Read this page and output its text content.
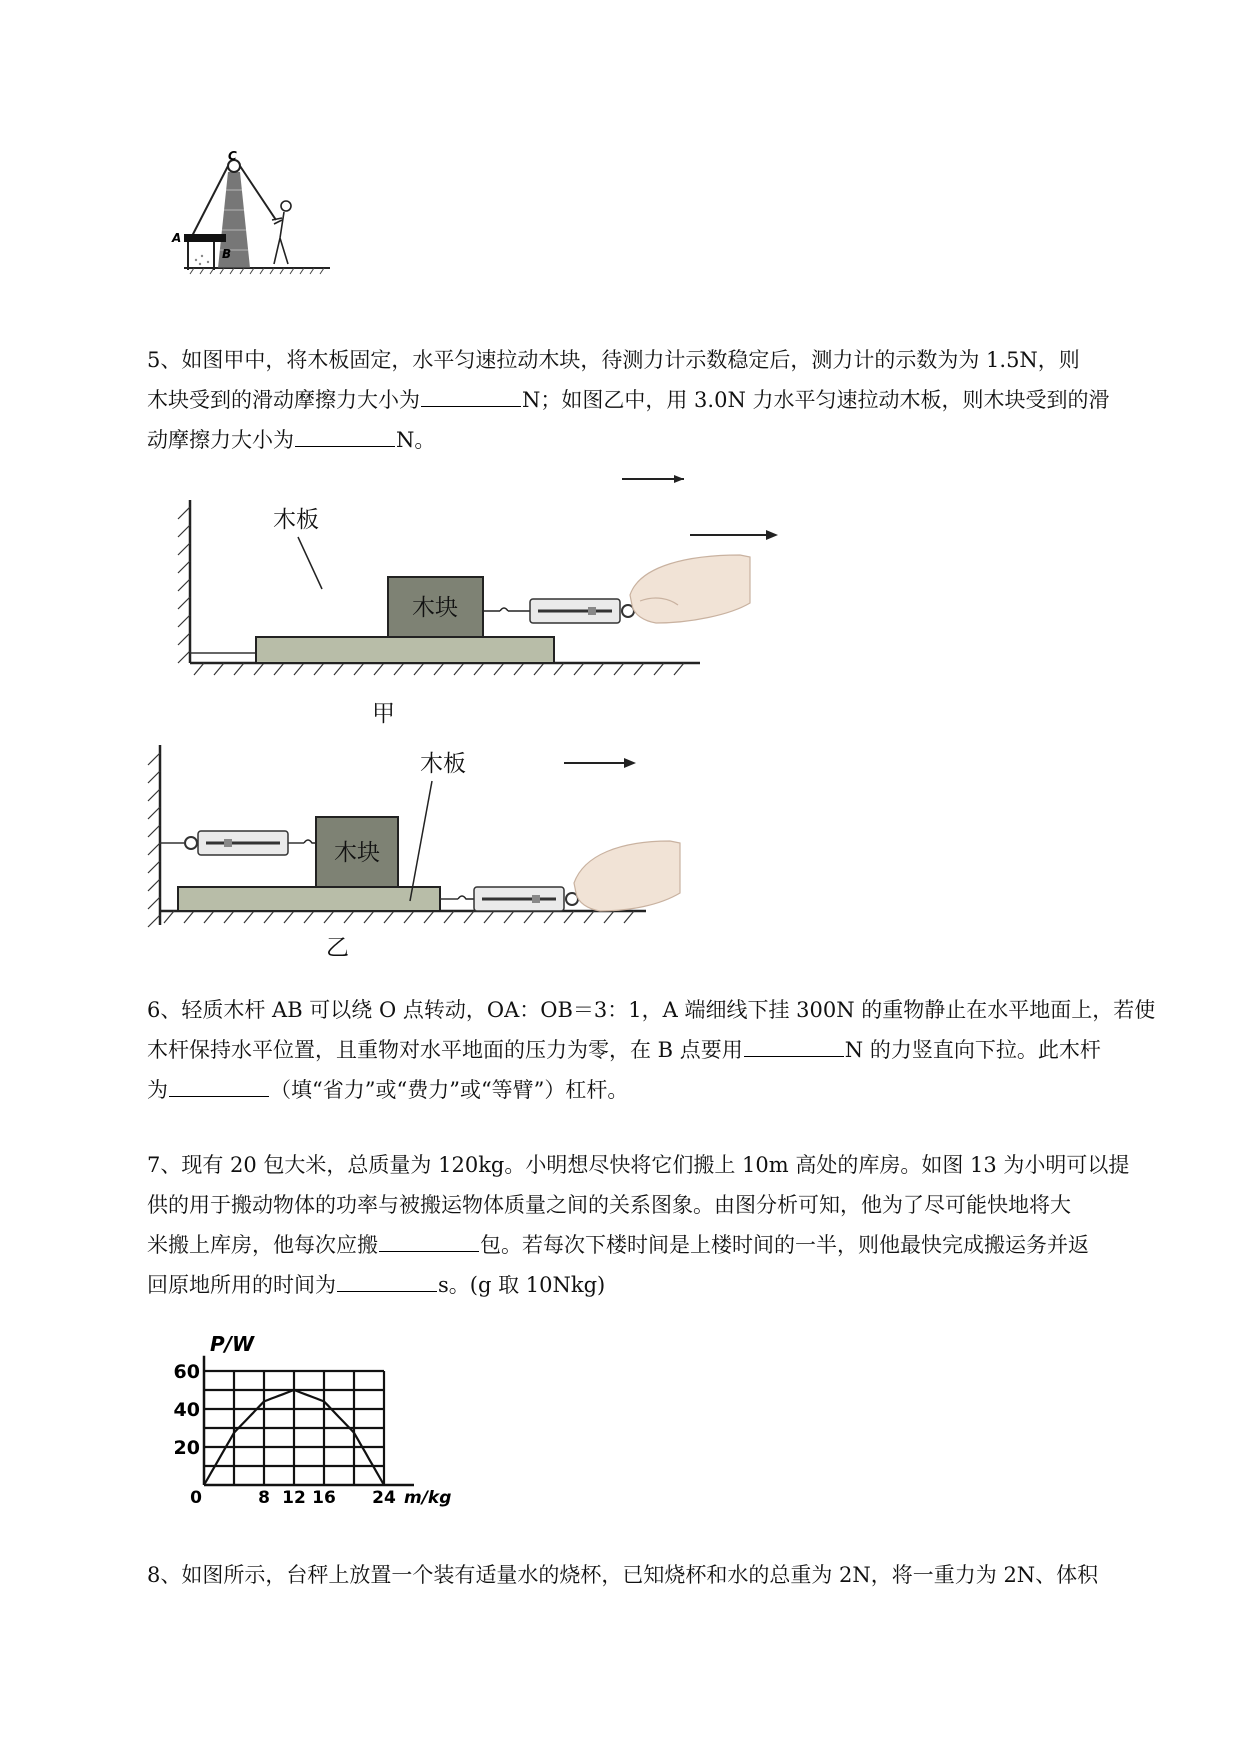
C
A
B
5、如图甲中，将木板固定，水平匀速拉动木块，待测力计示数稳定后，测力计的示数为为 1.5N，则
木块受到的滑动摩擦力大小为	N；如图乙中，用 3.0N 力水平匀速拉动木板，则木块受到的滑
动摩擦力大小为	N。
木块
木板
甲
木块
木板
乙
6、轻质木杆 AB 可以绕 O 点转动，OA：OB＝3：1，A 端细线下挂 300N 的重物静止在水平地面上，若使
木杆保持水平位置，且重物对水平地面的压力为零，在 B 点要用	N 的力竖直向下拉。此木杆
为	（填“省力”或“费力”或“等臂”）杠杆。
7、现有 20 包大米，总质量为 120kg。小明想尽快将它们搬上 10m 高处的库房。如图 13 为小明可以提
供的用于搬动物体的功率与被搬运物体质量之间的关系图象。由图分析可知，他为了尽可能快地将大
米搬上库房，他每次应搬	包。若每次下楼时间是上楼时间的一半，则他最快完成搬运务并返
回原地所用的时间为	s。(g 取 10Nkg)
20
40
60
0	8 12 16 24
P/W
m/kg
8、如图所示，台秤上放置一个装有适量水的烧杯，已知烧杯和水的总重为 2N，将一重力为 2N、体积
